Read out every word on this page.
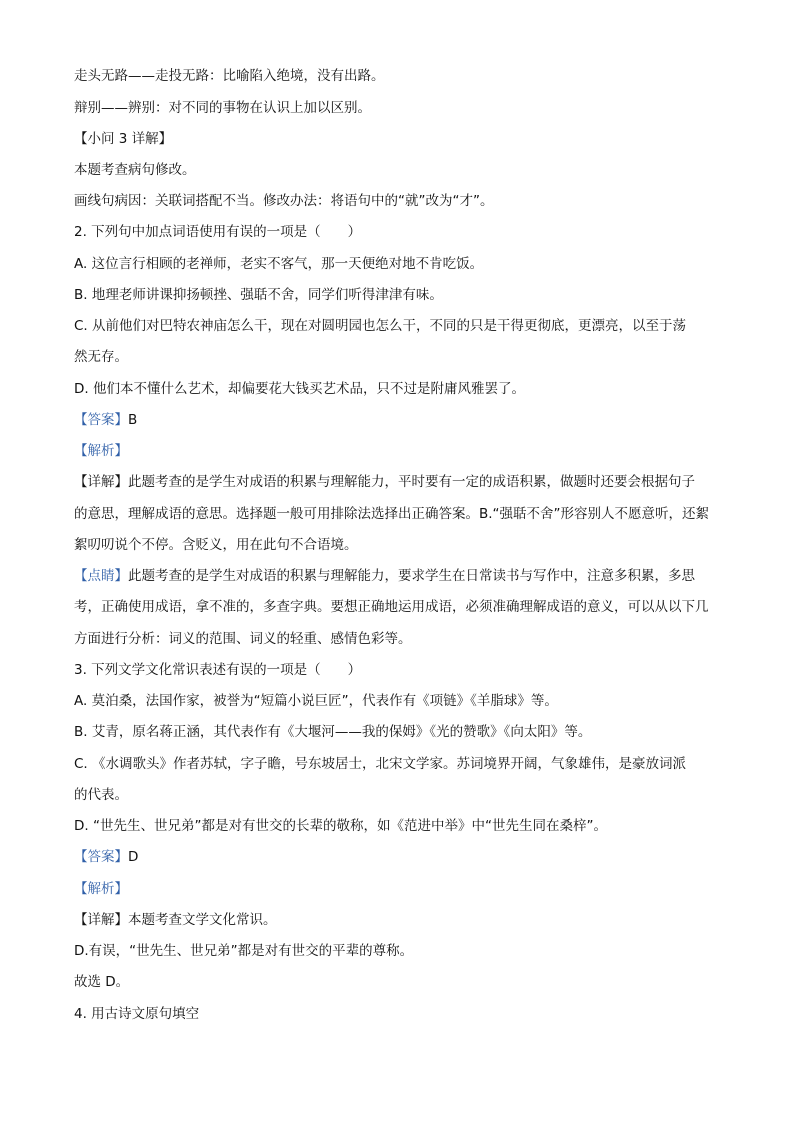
走头无路——走投无路：比喻陷入绝境，没有出路。
辩别——辨别：对不同的事物在认识上加以区别。
【小问 3 详解】
本题考查病句修改。
画线句病因：关联词搭配不当。修改办法：将语句中的“就”改为“才”。
2. 下列句中加点词语使用有误的一项是（　　）
A. 这位言行相顾的老禅师，老实不客气，那一天便绝对地不肯吃饭。
B. 地理老师讲课抑扬顿挫、强聒不舍，同学们听得津津有味。
C. 从前他们对巴特农神庙怎么干，现在对圆明园也怎么干，不同的只是干得更彻底，更漂亮，以至于荡
然无存。
D. 他们本不懂什么艺术，却偏要花大钱买艺术品，只不过是附庸风雅罢了。
【答案】B
【解析】
【详解】此题考查的是学生对成语的积累与理解能力，平时要有一定的成语积累，做题时还要会根据句子
的意思，理解成语的意思。选择题一般可用排除法选择出正确答案。B.“强聒不舍”形容别人不愿意听，还絮
絮叨叨说个不停。含贬义，用在此句不合语境。
【点睛】此题考查的是学生对成语的积累与理解能力，要求学生在日常读书与写作中，注意多积累，多思
考，正确使用成语，拿不准的，多查字典。要想正确地运用成语，必须准确理解成语的意义，可以从以下几
方面进行分析：词义的范围、词义的轻重、感情色彩等。
3. 下列文学文化常识表述有误的一项是（　　）
A. 莫泊桑，法国作家，被誉为“短篇小说巨匠”，代表作有《项链》《羊脂球》等。
B. 艾青，原名蒋正涵，其代表作有《大堰河——我的保姆》《光的赞歌》《向太阳》等。
C. 《水调歌头》作者苏轼，字子瞻，号东坡居士，北宋文学家。苏词境界开阔，气象雄伟，是豪放词派
的代表。
D. “世先生、世兄弟”都是对有世交的长辈的敬称，如《范进中举》中“世先生同在桑梓”。
【答案】D
【解析】
【详解】本题考查文学文化常识。
D.有误，“世先生、世兄弟”都是对有世交的平辈的尊称。
故选 D。
4. 用古诗文原句填空
